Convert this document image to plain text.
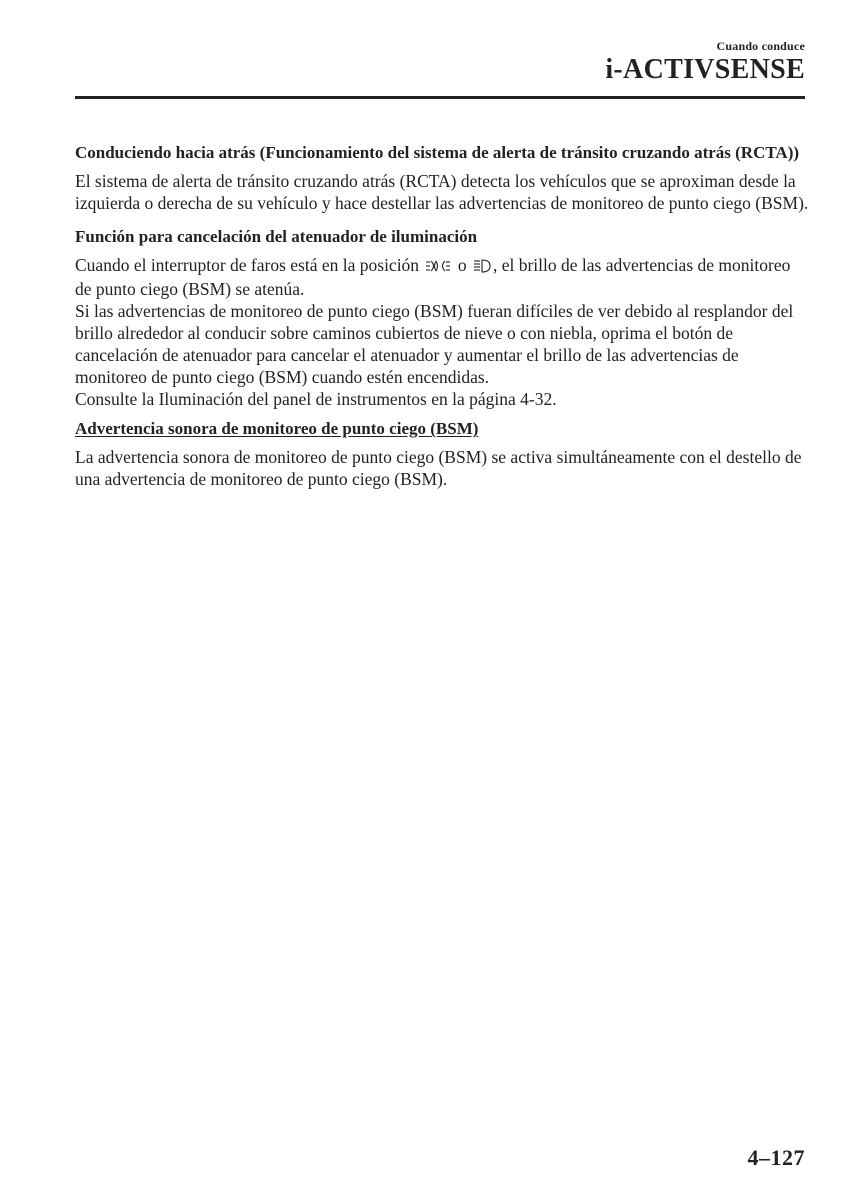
Cuando conduce
i-ACTIVSENSE
Conduciendo hacia atrás (Funcionamiento del sistema de alerta de tránsito cruzando atrás (RCTA))

El sistema de alerta de tránsito cruzando atrás (RCTA) detecta los vehículos que se aproximan desde la izquierda o derecha de su vehículo y hace destellar las advertencias de monitoreo de punto ciego (BSM).

Función para cancelación del atenuador de iluminación

Cuando el interruptor de faros está en la posición o , el brillo de las advertencias de monitoreo de punto ciego (BSM) se atenúa.
Si las advertencias de monitoreo de punto ciego (BSM) fueran difíciles de ver debido al resplandor del brillo alrededor al conducir sobre caminos cubiertos de nieve o con niebla, oprima el botón de cancelación de atenuador para cancelar el atenuador y aumentar el brillo de las advertencias de monitoreo de punto ciego (BSM) cuando estén encendidas.
Consulte la Iluminación del panel de instrumentos en la página 4-32.

Advertencia sonora de monitoreo de punto ciego (BSM)

La advertencia sonora de monitoreo de punto ciego (BSM) se activa simultáneamente con el destello de una advertencia de monitoreo de punto ciego (BSM).

4–127
